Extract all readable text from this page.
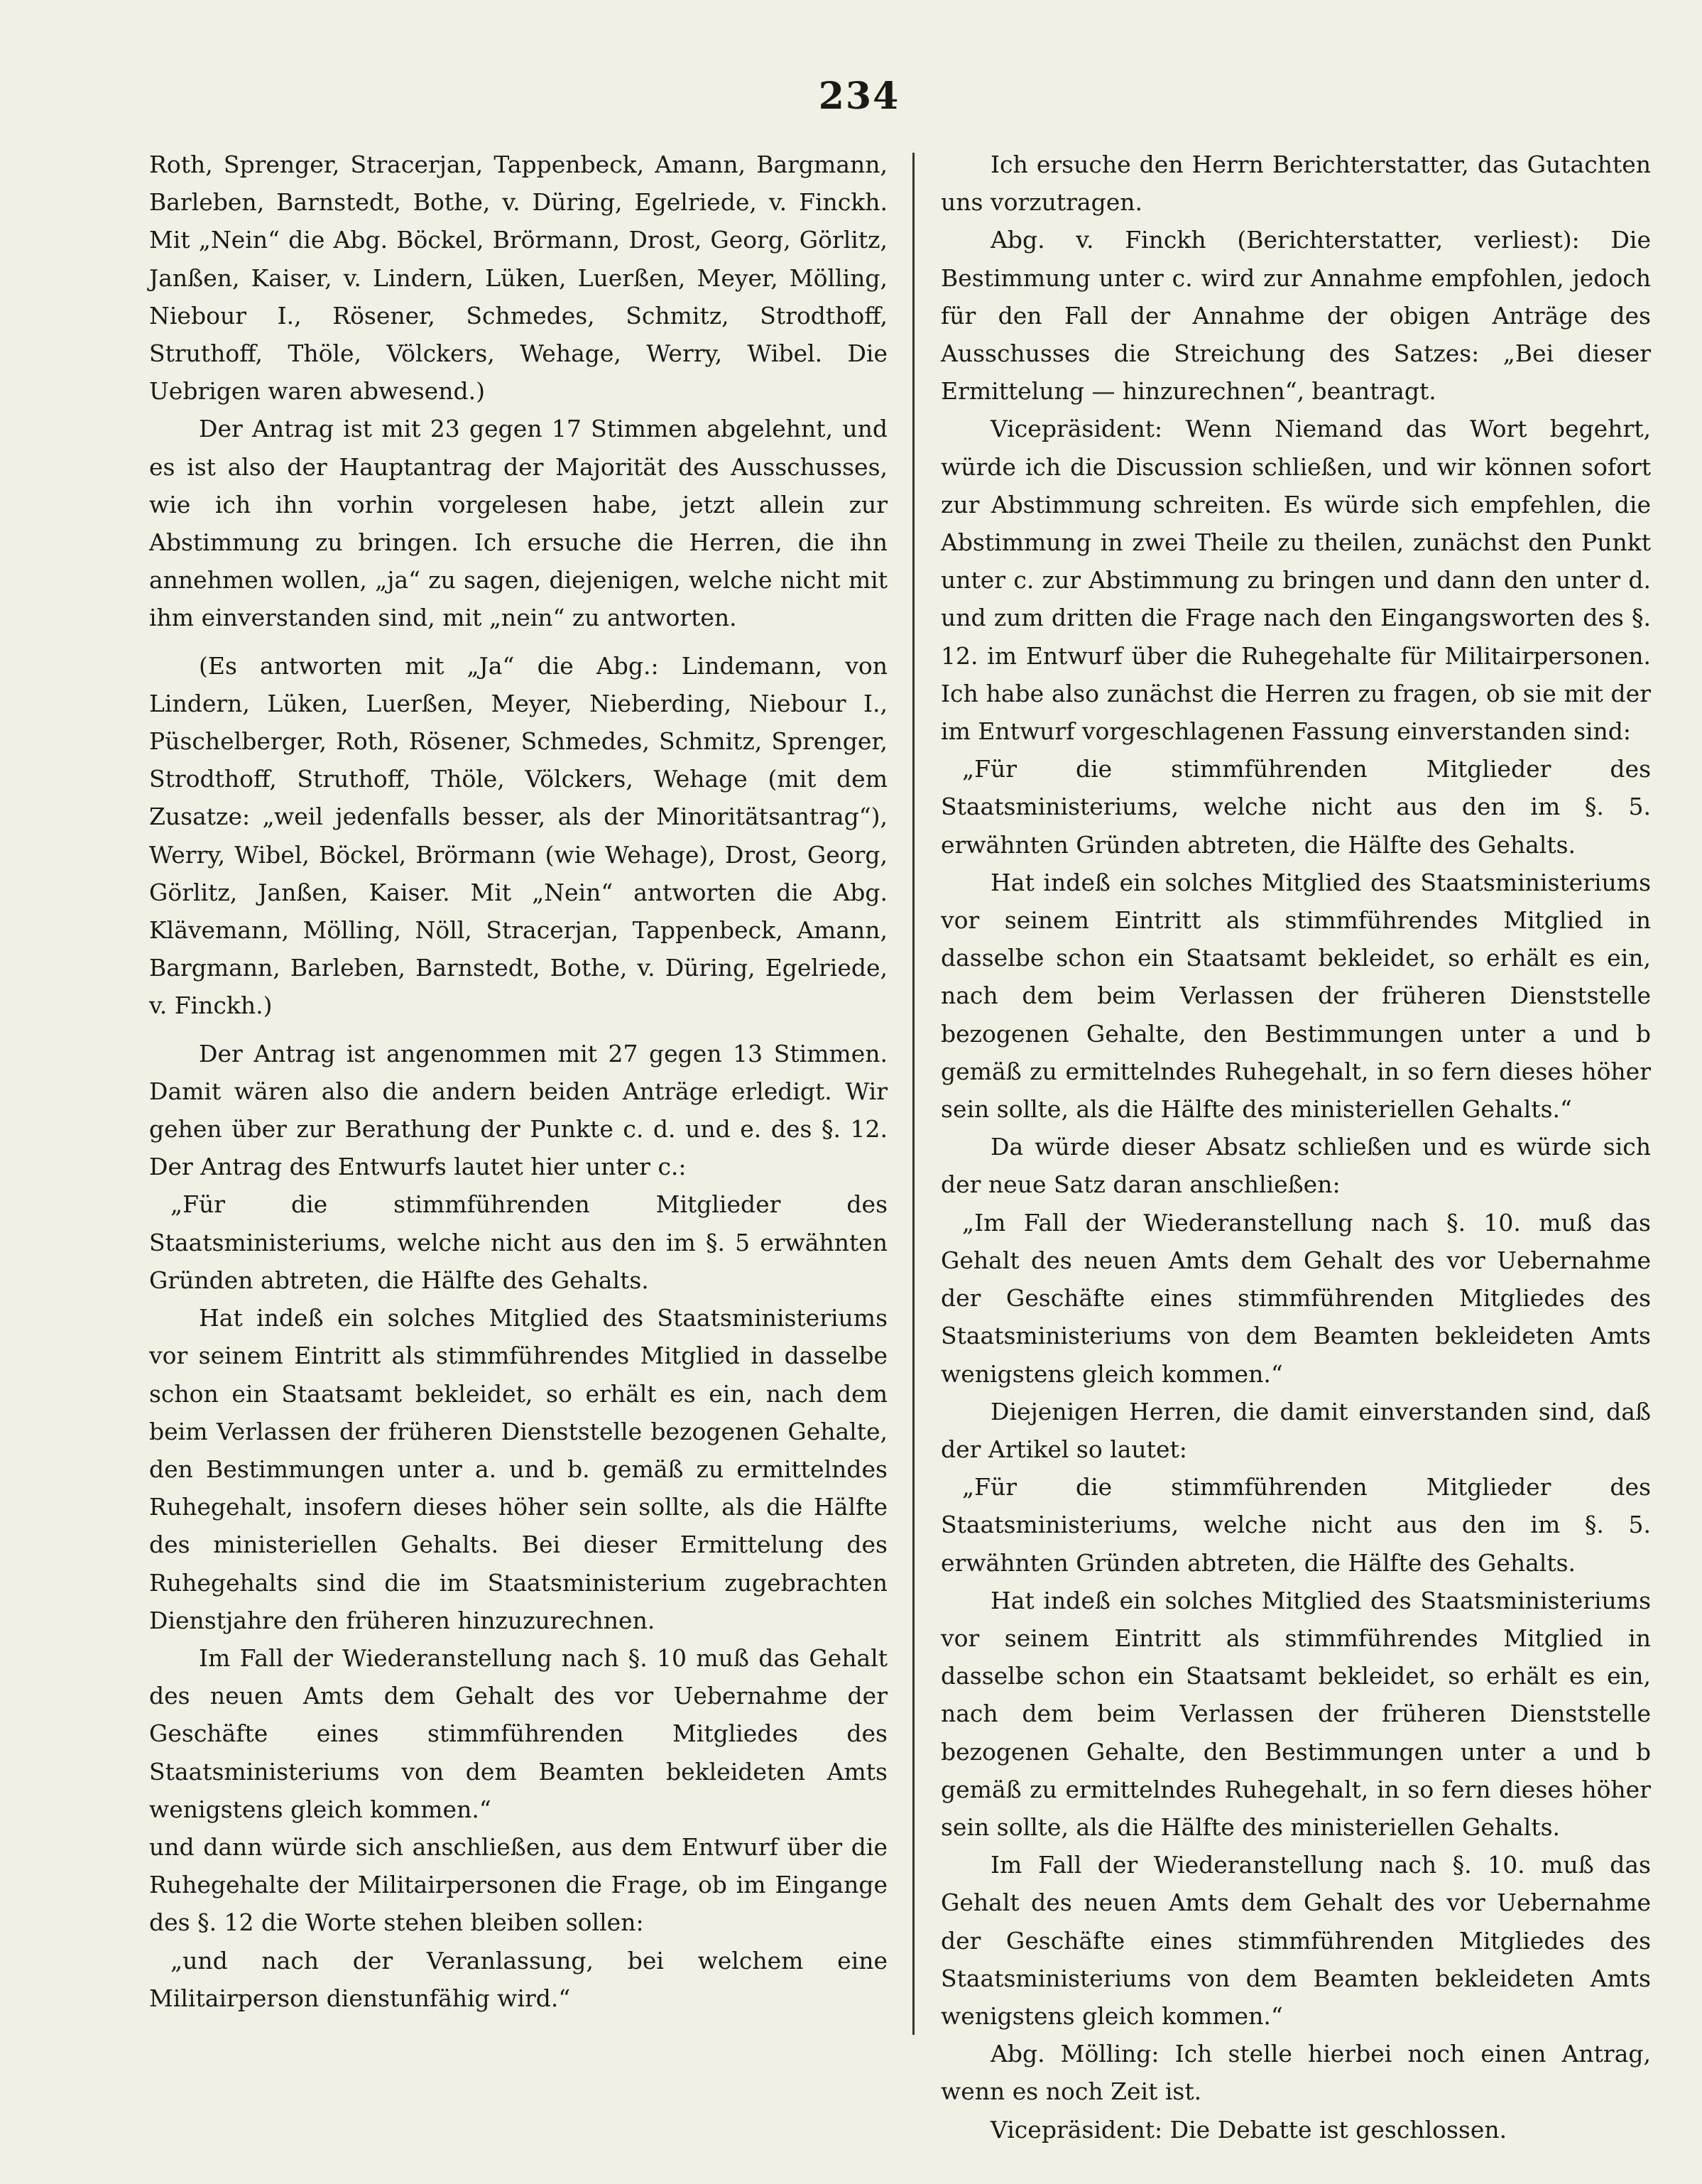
234

Roth, Sprenger, Stracerjan, Tappenbeck, Amann, Bargmann, Barleben, Barnstedt, Bothe, v. Düring, Egelriede, v. Finckh. Mit „Nein“ die Abg. Böckel, Brörmann, Drost, Georg, Görlitz, Janßen, Kaiser, v. Lindern, Lüken, Luerßen, Meyer, Mölling, Niebour I., Rösener, Schmedes, Schmitz, Strodthoff, Struthoff, Thöle, Völckers, Wehage, Werry, Wibel. Die Uebrigen waren abwesend.)

Der Antrag ist mit 23 gegen 17 Stimmen abgelehnt, und es ist also der Hauptantrag der Majorität des Ausschusses, wie ich ihn vorhin vorgelesen habe, jetzt allein zur Abstimmung zu bringen. Ich ersuche die Herren, die ihn annehmen wollen, „ja“ zu sagen, diejenigen, welche nicht mit ihm einverstanden sind, mit „nein“ zu antworten.

(Es antworten mit „Ja“ die Abg.: Lindemann, von Lindern, Lüken, Luerßen, Meyer, Nieberding, Niebour I., Püschelberger, Roth, Rösener, Schmedes, Schmitz, Sprenger, Strodthoff, Struthoff, Thöle, Völckers, Wehage (mit dem Zusatze: „weil jedenfalls besser, als der Minoritätsantrag“), Werry, Wibel, Böckel, Brörmann (wie Wehage), Drost, Georg, Görlitz, Janßen, Kaiser. Mit „Nein“ antworten die Abg. Klävemann, Mölling, Nöll, Stracerjan, Tappenbeck, Amann, Bargmann, Barleben, Barnstedt, Bothe, v. Düring, Egelriede, v. Finckh.)

Der Antrag ist angenommen mit 27 gegen 13 Stimmen. Damit wären also die andern beiden Anträge erledigt. Wir gehen über zur Berathung der Punkte c. d. und e. des §. 12. Der Antrag des Entwurfs lautet hier unter c.:

„Für die stimmführenden Mitglieder des Staatsministeriums, welche nicht aus den im §. 5 erwähnten Gründen abtreten, die Hälfte des Gehalts.

Hat indeß ein solches Mitglied des Staatsministeriums vor seinem Eintritt als stimmführendes Mitglied in dasselbe schon ein Staatsamt bekleidet, so erhält es ein, nach dem beim Verlassen der früheren Dienststelle bezogenen Gehalte, den Bestimmungen unter a. und b. gemäß zu ermittelndes Ruhegehalt, insofern dieses höher sein sollte, als die Hälfte des ministeriellen Gehalts. Bei dieser Ermittelung des Ruhegehalts sind die im Staatsministerium zugebrachten Dienstjahre den früheren hinzuzurechnen.

Im Fall der Wiederanstellung nach §. 10 muß das Gehalt des neuen Amts dem Gehalt des vor Uebernahme der Geschäfte eines stimmführenden Mitgliedes des Staatsministeriums von dem Beamten bekleideten Amts wenigstens gleich kommen.“

und dann würde sich anschließen, aus dem Entwurf über die Ruhegehalte der Militairpersonen die Frage, ob im Eingange des §. 12 die Worte stehen bleiben sollen:

„und nach der Veranlassung, bei welchem eine Militairperson dienstunfähig wird.“

Ich ersuche den Herrn Berichterstatter, das Gutachten uns vorzutragen.

Abg. v. Finckh (Berichterstatter, verliest): Die Bestimmung unter c. wird zur Annahme empfohlen, jedoch für den Fall der Annahme der obigen Anträge des Ausschusses die Streichung des Satzes: „Bei dieser Ermittelung — hinzurechnen“, beantragt.

Vicepräsident: Wenn Niemand das Wort begehrt, würde ich die Discussion schließen, und wir können sofort zur Abstimmung schreiten. Es würde sich empfehlen, die Abstimmung in zwei Theile zu theilen, zunächst den Punkt unter c. zur Abstimmung zu bringen und dann den unter d. und zum dritten die Frage nach den Eingangsworten des §. 12. im Entwurf über die Ruhegehalte für Militairpersonen. Ich habe also zunächst die Herren zu fragen, ob sie mit der im Entwurf vorgeschlagenen Fassung einverstanden sind:

„Für die stimmführenden Mitglieder des Staatsministeriums, welche nicht aus den im §. 5. erwähnten Gründen abtreten, die Hälfte des Gehalts.

Hat indeß ein solches Mitglied des Staatsministeriums vor seinem Eintritt als stimmführendes Mitglied in dasselbe schon ein Staatsamt bekleidet, so erhält es ein, nach dem beim Verlassen der früheren Dienststelle bezogenen Gehalte, den Bestimmungen unter a und b gemäß zu ermittelndes Ruhegehalt, in so fern dieses höher sein sollte, als die Hälfte des ministeriellen Gehalts.“

Da würde dieser Absatz schließen und es würde sich der neue Satz daran anschließen:

„Im Fall der Wiederanstellung nach §. 10. muß das Gehalt des neuen Amts dem Gehalt des vor Uebernahme der Geschäfte eines stimmführenden Mitgliedes des Staatsministeriums von dem Beamten bekleideten Amts wenigstens gleich kommen.“

Diejenigen Herren, die damit einverstanden sind, daß der Artikel so lautet:

„Für die stimmführenden Mitglieder des Staatsministeriums, welche nicht aus den im §. 5. erwähnten Gründen abtreten, die Hälfte des Gehalts.

Hat indeß ein solches Mitglied des Staatsministeriums vor seinem Eintritt als stimmführendes Mitglied in dasselbe schon ein Staatsamt bekleidet, so erhält es ein, nach dem beim Verlassen der früheren Dienststelle bezogenen Gehalte, den Bestimmungen unter a und b gemäß zu ermittelndes Ruhegehalt, in so fern dieses höher sein sollte, als die Hälfte des ministeriellen Gehalts.

Im Fall der Wiederanstellung nach §. 10. muß das Gehalt des neuen Amts dem Gehalt des vor Uebernahme der Geschäfte eines stimmführenden Mitgliedes des Staatsministeriums von dem Beamten bekleideten Amts wenigstens gleich kommen.“

Abg. Mölling: Ich stelle hierbei noch einen Antrag, wenn es noch Zeit ist.

Vicepräsident: Die Debatte ist geschlossen.
